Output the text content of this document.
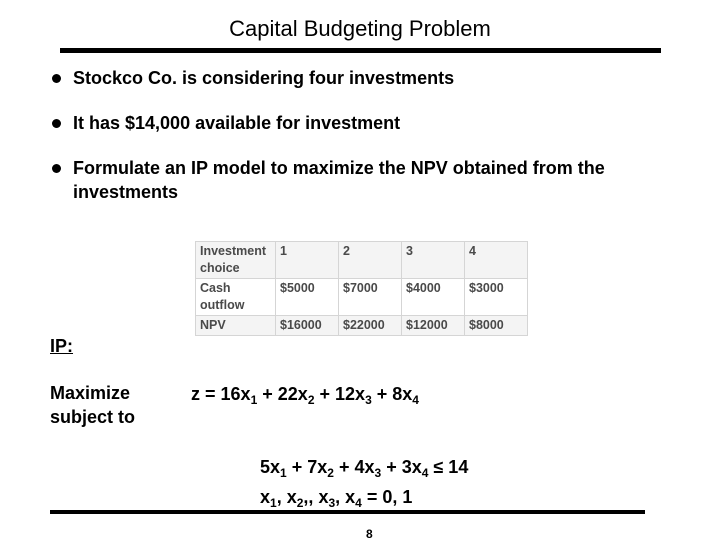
Capital Budgeting Problem
Stockco Co. is considering four investments
It has $14,000 available for investment
Formulate an IP model to maximize the NPV obtained from the investments
Investment choice	1	2	3	4
Cash outflow	$5000	$7000	$4000	$3000
NPV	$16000	$22000	$12000	$8000
IP:
Maximize
subject to
$z = 16x_1 + 22x_2 + 12x_3 + 8x_4$
$5x_1 + 7x_2 + 4x_3 + 3x_4 \le 14$
$x_1$, $x_2$,, $x_3$, $x_4 = 0$, 1
8
